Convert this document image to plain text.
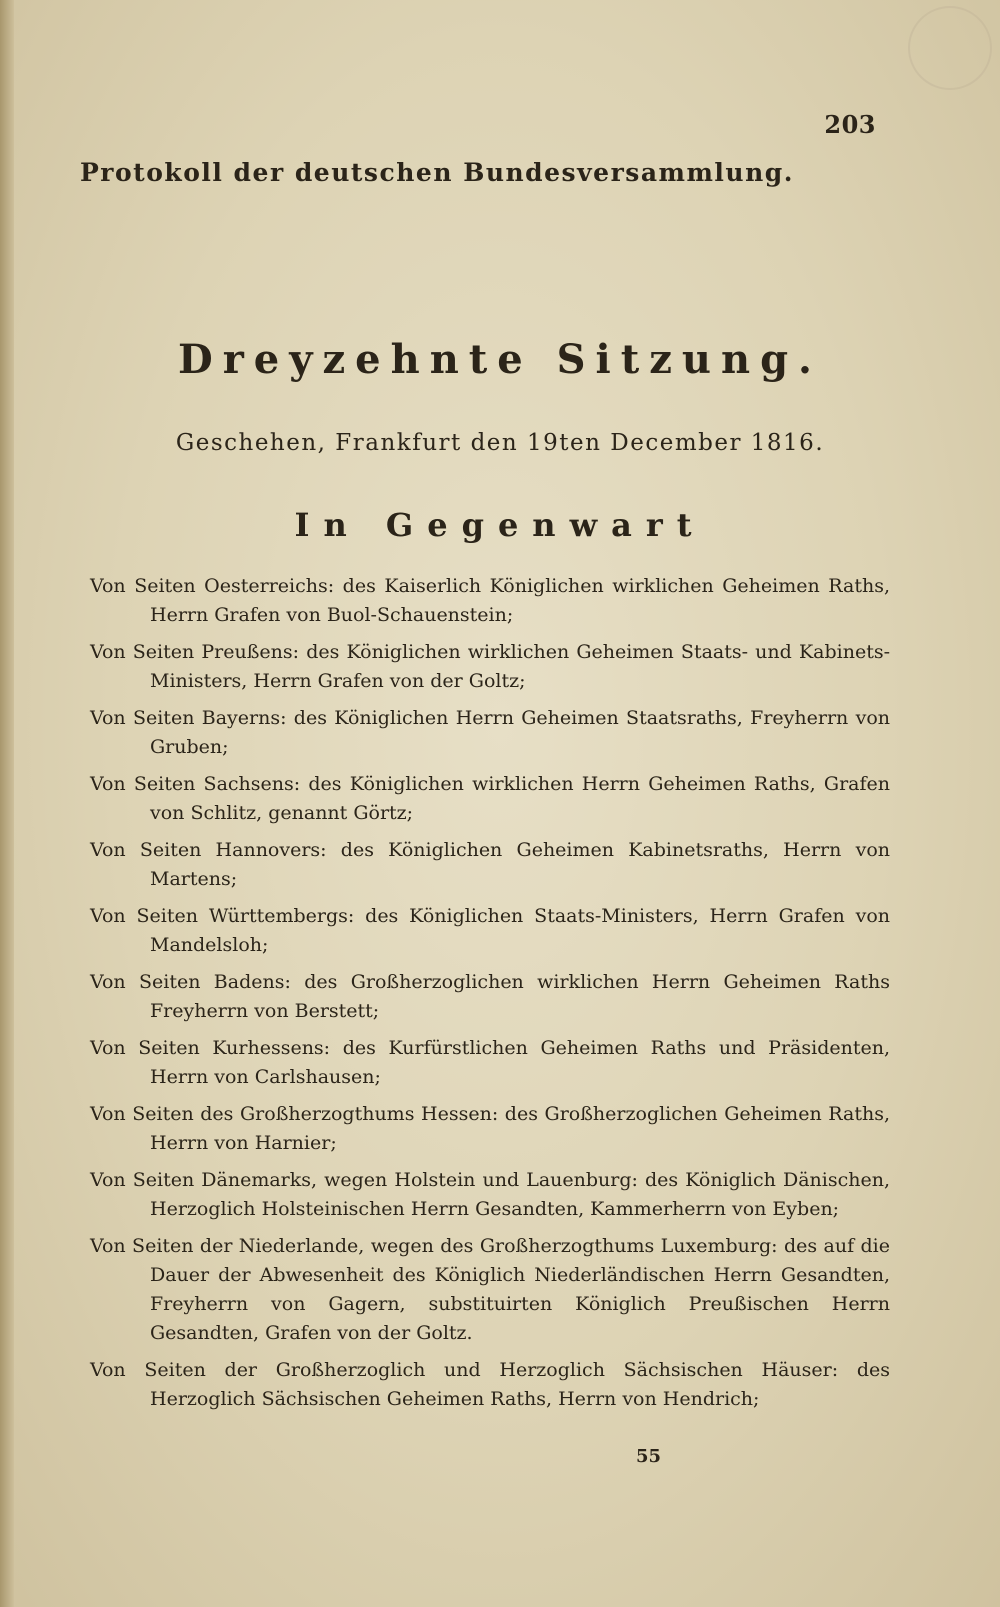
203
Protokoll der deutschen Bundesversammlung.
Dreyzehnte Sitzung.
Geschehen, Frankfurt den 19ten December 1816.
In Gegenwart

Von Seiten Oesterreichs: des Kaiserlich Königlichen wirklichen Geheimen Raths, Herrn Grafen von Buol-Schauenstein;

Von Seiten Preußens: des Königlichen wirklichen Geheimen Staats- und Kabinets-Ministers, Herrn Grafen von der Goltz;

Von Seiten Bayerns: des Königlichen Herrn Geheimen Staatsraths, Freyherrn von Gruben;

Von Seiten Sachsens: des Königlichen wirklichen Herrn Geheimen Raths, Grafen von Schlitz, genannt Görtz;

Von Seiten Hannovers: des Königlichen Geheimen Kabinetsraths, Herrn von Martens;

Von Seiten Württembergs: des Königlichen Staats-Ministers, Herrn Grafen von Mandelsloh;

Von Seiten Badens: des Großherzoglichen wirklichen Herrn Geheimen Raths Freyherrn von Berstett;

Von Seiten Kurhessens: des Kurfürstlichen Geheimen Raths und Präsidenten, Herrn von Carlshausen;

Von Seiten des Großherzogthums Hessen: des Großherzoglichen Geheimen Raths, Herrn von Harnier;

Von Seiten Dänemarks, wegen Holstein und Lauenburg: des Königlich Dänischen, Herzoglich Holsteinischen Herrn Gesandten, Kammerherrn von Eyben;

Von Seiten der Niederlande, wegen des Großherzogthums Luxemburg: des auf die Dauer der Abwesenheit des Königlich Niederländischen Herrn Gesandten, Freyherrn von Gagern, substituirten Königlich Preußischen Herrn Gesandten, Grafen von der Goltz.

Von Seiten der Großherzoglich und Herzoglich Sächsischen Häuser: des Herzoglich Sächsischen Geheimen Raths, Herrn von Hendrich;

55
